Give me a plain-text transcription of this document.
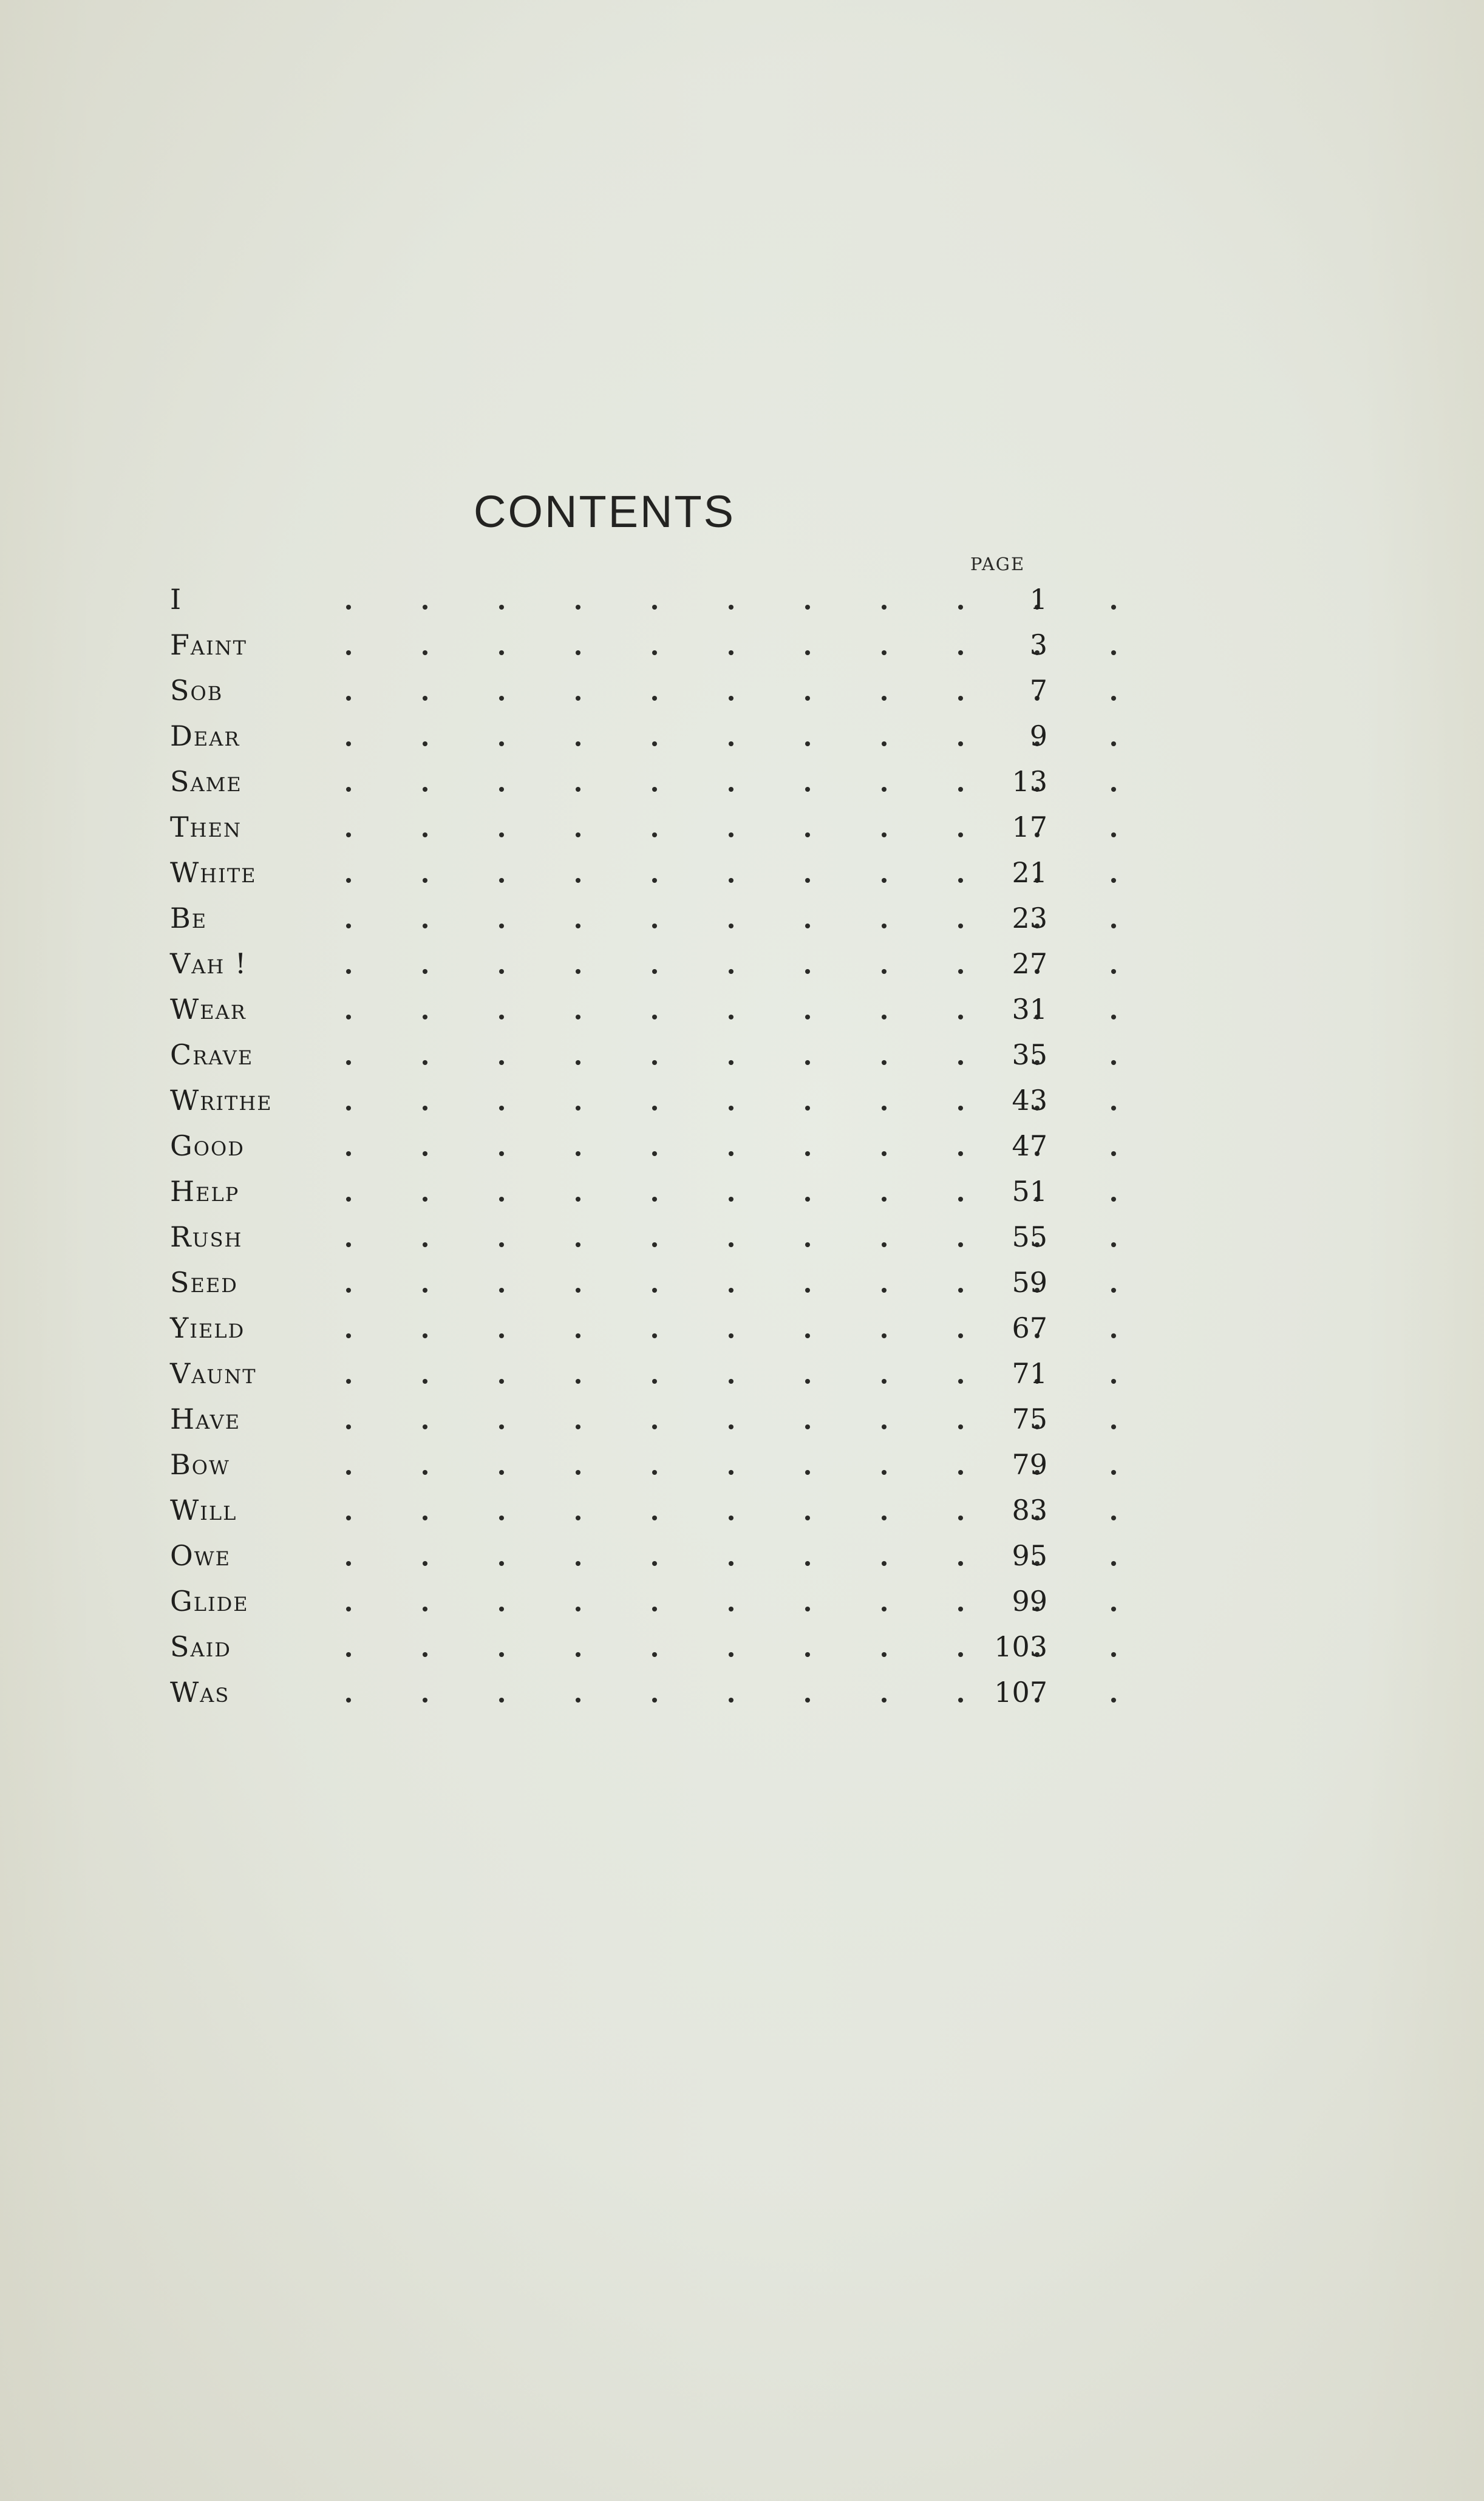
CONTENTS
PAGE
I	1
Faint	3
Sob	7
Dear	9
Same	13
Then	17
White	21
Be	23
Vah !	27
Wear	31
Crave	35
Writhe	43
Good	47
Help	51
Rush	55
Seed	59
Yield	67
Vaunt	71
Have	75
Bow	79
Will	83
Owe	95
Glide	99
Said	103
Was	107
